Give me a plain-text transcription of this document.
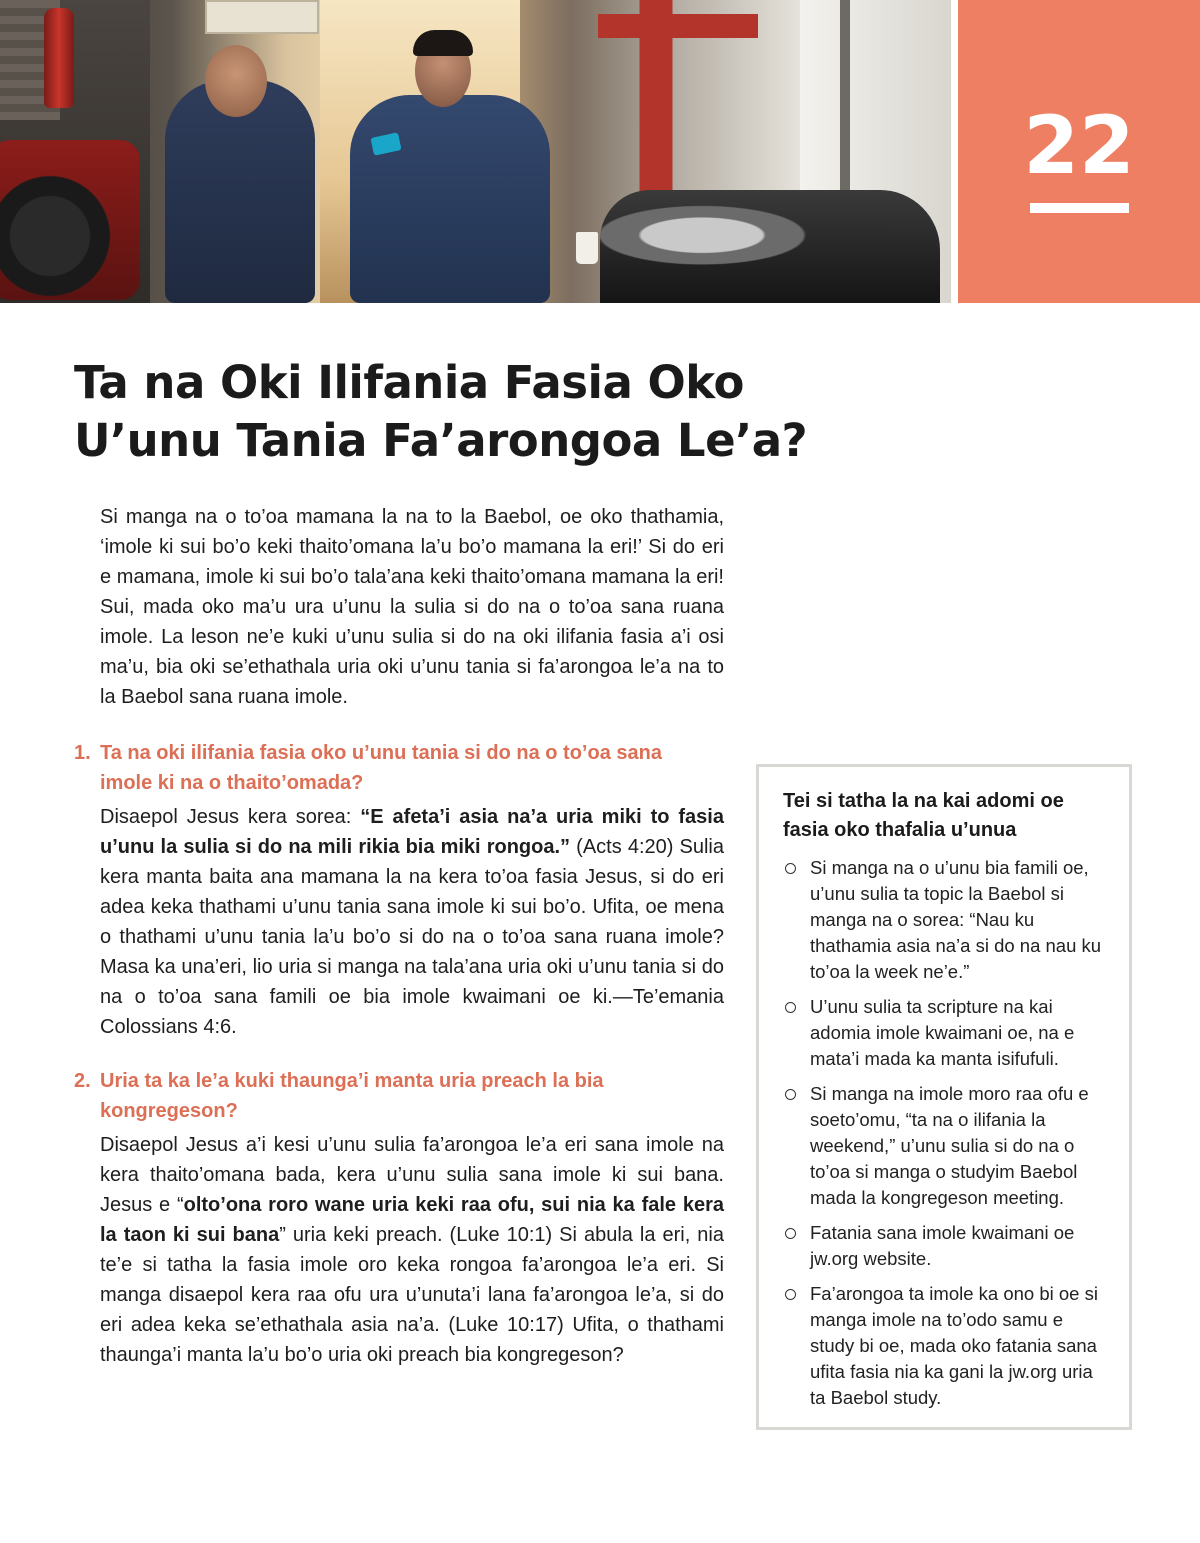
22
Ta na Oki Ilifania Fasia Oko
U’unu Tania Fa’arongoa Le’a?

Si manga na o to’oa mamana la na to la Baebol, oe oko thathamia, ‘imole ki sui bo’o keki thaito’omana la’u bo’o mamana la eri!’ Si do eri e mamana, imole ki sui bo’o tala’ana keki thaito’omana mamana la eri! Sui, mada oko ma’u ura u’unu la sulia si do na o to’oa sana ruana imole. La leson ne’e kuki u’unu sulia si do na oki ilifania fasia a’i osi ma’u, bia oki se’ethathala uria oki u’unu tania si fa’arongoa le’a na to la Baebol sana ruana imole.

1. Ta na oki ilifania fasia oko u’unu tania si do na o to’oa sana imole ki na o thaito’omada?

Disaepol Jesus kera sorea: “E afeta’i asia na’a uria miki to fasia u’unu la sulia si do na mili rikia bia miki rongoa.” (Acts 4:20) Sulia kera manta baita ana mamana la na kera to’oa fasia Jesus, si do eri adea keka thathami u’unu tania sana imole ki sui bo’o. Ufita, oe mena o thathami u’unu tania la’u bo’o si do na o to’oa sana ruana imole? Masa ka una’eri, lio uria si manga na tala’ana uria oki u’unu tania si do na o to’oa sana famili oe bia imole kwaimani oe ki.—Te’emania Colossians 4:6.

2. Uria ta ka le’a kuki thaunga’i manta uria preach la bia kongregeson?

Disaepol Jesus a’i kesi u’unu sulia fa’arongoa le’a eri sana imole na kera thaito’omana bada, kera u’unu sulia sana imole ki sui bana. Jesus e “olto’ona roro wane uria keki raa ofu, sui nia ka fale kera la taon ki sui bana” uria keki preach. (Luke 10:1) Si abula la eri, nia te’e si tatha la fasia imole oro keka rongoa fa’arongoa le’a eri. Si manga disaepol kera raa ofu ura u’unuta’i lana fa’arongoa le’a, si do eri adea keka se’ethathala asia na’a. (Luke 10:17) Ufita, o thathami thaunga’i manta la’u bo’o uria oki preach bia kongregeson?

Tei si tatha la na kai adomi oe fasia oko thafalia u’unua

Si manga na o u’unu bia famili oe, u’unu sulia ta topic la Baebol si manga na o sorea: “Nau ku thathamia asia na’a si do na nau ku to’oa la week ne’e.”
U’unu sulia ta scripture na kai adomia imole kwaimani oe, na e mata’i mada ka manta isifufuli.
Si manga na imole moro raa ofu e soeto’omu, “ta na o ilifania la weekend,” u’unu sulia si do na o to’oa si manga o studyim Baebol mada la kongregeson meeting.
Fatania sana imole kwaimani oe jw.org website.
Fa’arongoa ta imole ka ono bi oe si manga imole na to’odo samu e study bi oe, mada oko fatania sana ufita fasia nia ka gani la jw.org uria ta Baebol study.
